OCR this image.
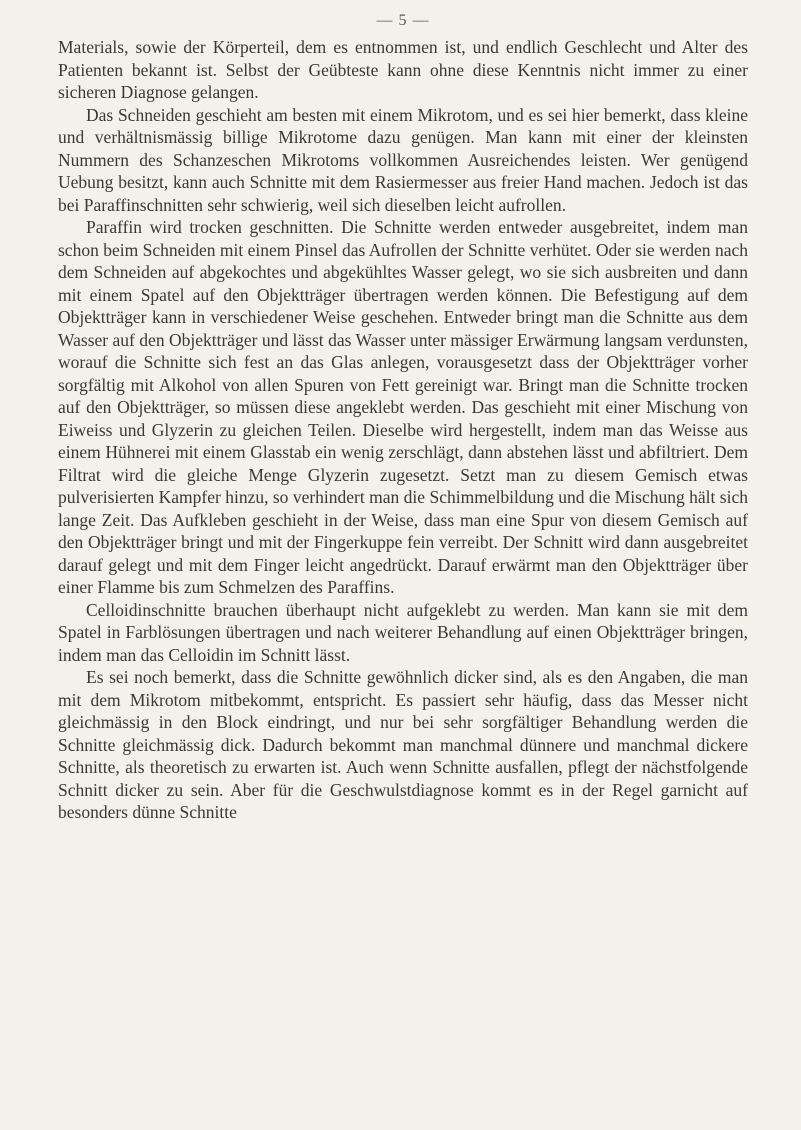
— 5 —

Materials, sowie der Körperteil, dem es entnommen ist, und endlich Geschlecht und Alter des Patienten bekannt ist. Selbst der Geübteste kann ohne diese Kenntnis nicht immer zu einer sicheren Diagnose gelangen.

Das Schneiden geschieht am besten mit einem Mikrotom, und es sei hier bemerkt, dass kleine und verhältnismässig billige Mikrotome dazu genügen. Man kann mit einer der kleinsten Nummern des Schanzeschen Mikrotoms vollkommen Ausreichendes leisten. Wer genügend Uebung besitzt, kann auch Schnitte mit dem Rasiermesser aus freier Hand machen. Jedoch ist das bei Paraffinschnitten sehr schwierig, weil sich dieselben leicht aufrollen.

Paraffin wird trocken geschnitten. Die Schnitte werden entweder ausgebreitet, indem man schon beim Schneiden mit einem Pinsel das Aufrollen der Schnitte verhütet. Oder sie werden nach dem Schneiden auf abgekochtes und abgekühltes Wasser gelegt, wo sie sich ausbreiten und dann mit einem Spatel auf den Objektträger übertragen werden können. Die Befestigung auf dem Objektträger kann in verschiedener Weise geschehen. Entweder bringt man die Schnitte aus dem Wasser auf den Objektträger und lässt das Wasser unter mässiger Erwärmung langsam verdunsten, worauf die Schnitte sich fest an das Glas anlegen, vorausgesetzt dass der Objektträger vorher sorgfältig mit Alkohol von allen Spuren von Fett gereinigt war. Bringt man die Schnitte trocken auf den Objektträger, so müssen diese angeklebt werden. Das geschieht mit einer Mischung von Eiweiss und Glyzerin zu gleichen Teilen. Dieselbe wird hergestellt, indem man das Weisse aus einem Hühnerei mit einem Glasstab ein wenig zerschlägt, dann abstehen lässt und abfiltriert. Dem Filtrat wird die gleiche Menge Glyzerin zugesetzt. Setzt man zu diesem Gemisch etwas pulverisierten Kampfer hinzu, so verhindert man die Schimmelbildung und die Mischung hält sich lange Zeit. Das Aufkleben geschieht in der Weise, dass man eine Spur von diesem Gemisch auf den Objektträger bringt und mit der Fingerkuppe fein verreibt. Der Schnitt wird dann ausgebreitet darauf gelegt und mit dem Finger leicht angedrückt. Darauf erwärmt man den Objektträger über einer Flamme bis zum Schmelzen des Paraffins.

Celloidinschnitte brauchen überhaupt nicht aufgeklebt zu werden. Man kann sie mit dem Spatel in Farblösungen übertragen und nach weiterer Behandlung auf einen Objektträger bringen, indem man das Celloidin im Schnitt lässt.

Es sei noch bemerkt, dass die Schnitte gewöhnlich dicker sind, als es den Angaben, die man mit dem Mikrotom mitbekommt, entspricht. Es passiert sehr häufig, dass das Messer nicht gleichmässig in den Block eindringt, und nur bei sehr sorgfältiger Behandlung werden die Schnitte gleichmässig dick. Dadurch bekommt man manchmal dünnere und manchmal dickere Schnitte, als theoretisch zu erwarten ist. Auch wenn Schnitte ausfallen, pflegt der nächstfolgende Schnitt dicker zu sein. Aber für die Geschwulstdiagnose kommt es in der Regel garnicht auf besonders dünne Schnitte
